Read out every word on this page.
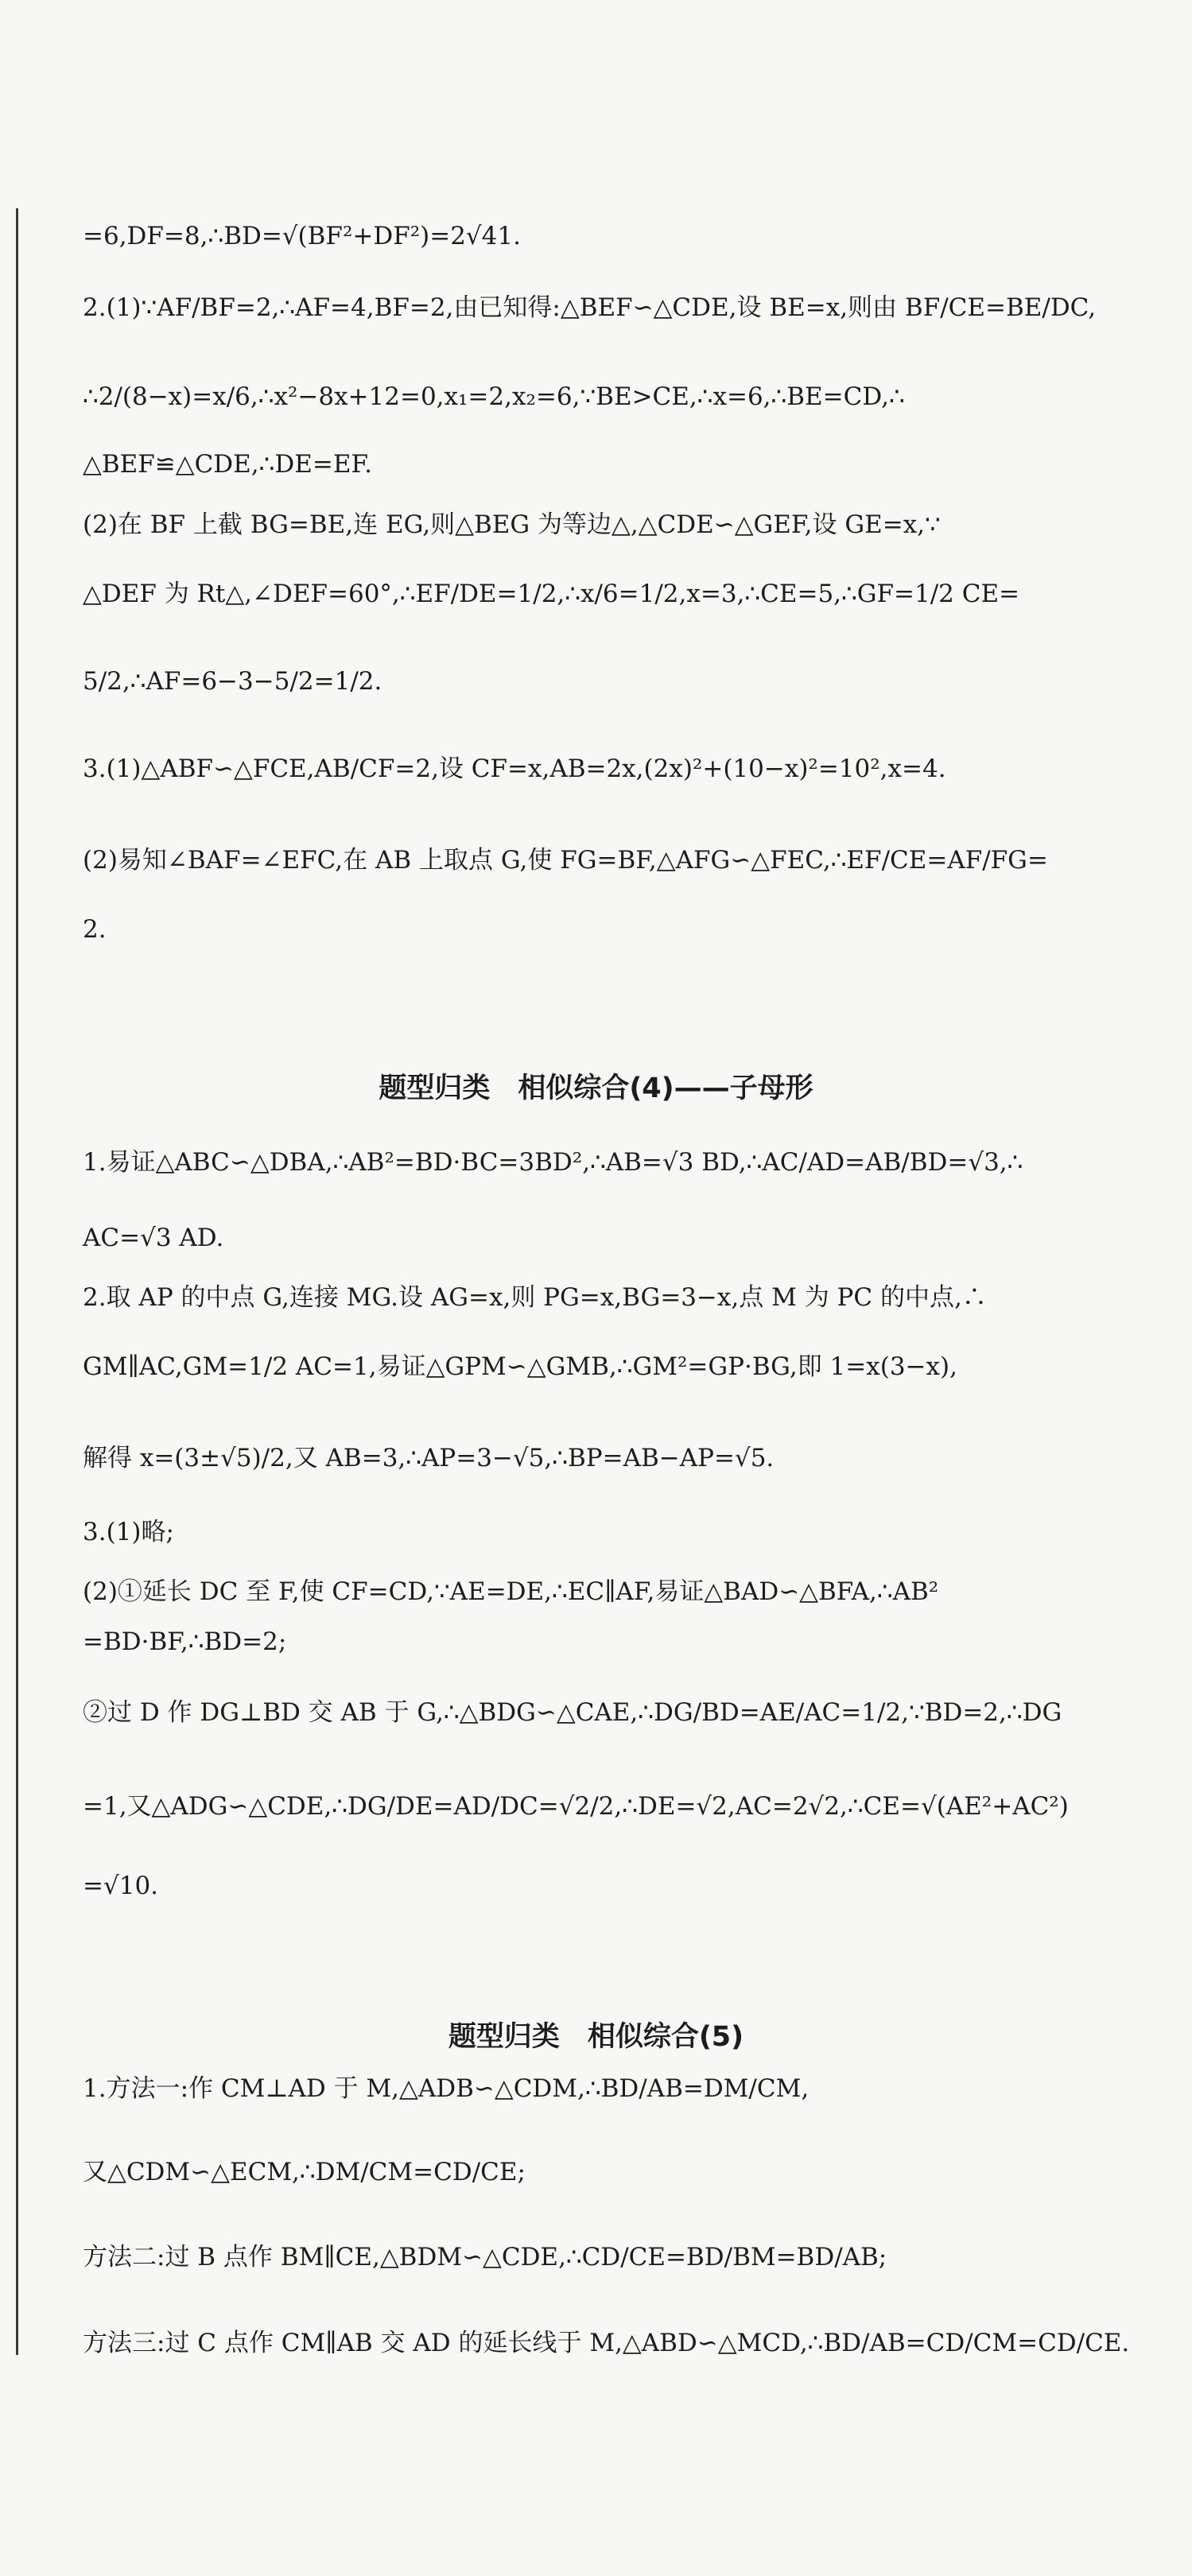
=6,DF=8,∴BD=√(BF²+DF²)=2√41.
2.(1)∵AF/BF=2,∴AF=4,BF=2,由已知得:△BEF∽△CDE,设 BE=x,则由 BF/CE=BE/DC,
∴2/(8−x)=x/6,∴x²−8x+12=0,x₁=2,x₂=6,∵BE>CE,∴x=6,∴BE=CD,∴
△BEF≌△CDE,∴DE=EF.
(2)在 BF 上截 BG=BE,连 EG,则△BEG 为等边△,△CDE∽△GEF,设 GE=x,∵
△DEF 为 Rt△,∠DEF=60°,∴EF/DE=1/2,∴x/6=1/2,x=3,∴CE=5,∴GF=1/2 CE=
5/2,∴AF=6−3−5/2=1/2.
3.(1)△ABF∽△FCE,AB/CF=2,设 CF=x,AB=2x,(2x)²+(10−x)²=10²,x=4.
(2)易知∠BAF=∠EFC,在 AB 上取点 G,使 FG=BF,△AFG∽△FEC,∴EF/CE=AF/FG=
2.
题型归类　相似综合(4)——子母形
1.易证△ABC∽△DBA,∴AB²=BD·BC=3BD²,∴AB=√3 BD,∴AC/AD=AB/BD=√3,∴
AC=√3 AD.
2.取 AP 的中点 G,连接 MG.设 AG=x,则 PG=x,BG=3−x,点 M 为 PC 的中点,∴
GM∥AC,GM=1/2 AC=1,易证△GPM∽△GMB,∴GM²=GP·BG,即 1=x(3−x),
解得 x=(3±√5)/2,又 AB=3,∴AP=3−√5,∴BP=AB−AP=√5.
3.(1)略;
(2)①延长 DC 至 F,使 CF=CD,∵AE=DE,∴EC∥AF,易证△BAD∽△BFA,∴AB²
=BD·BF,∴BD=2;
②过 D 作 DG⊥BD 交 AB 于 G,∴△BDG∽△CAE,∴DG/BD=AE/AC=1/2,∵BD=2,∴DG
=1,又△ADG∽△CDE,∴DG/DE=AD/DC=√2/2,∴DE=√2,AC=2√2,∴CE=√(AE²+AC²)
=√10.
题型归类　相似综合(5)
1.方法一:作 CM⊥AD 于 M,△ADB∽△CDM,∴BD/AB=DM/CM,
又△CDM∽△ECM,∴DM/CM=CD/CE;
方法二:过 B 点作 BM∥CE,△BDM∽△CDE,∴CD/CE=BD/BM=BD/AB;
方法三:过 C 点作 CM∥AB 交 AD 的延长线于 M,△ABD∽△MCD,∴BD/AB=CD/CM=CD/CE.
